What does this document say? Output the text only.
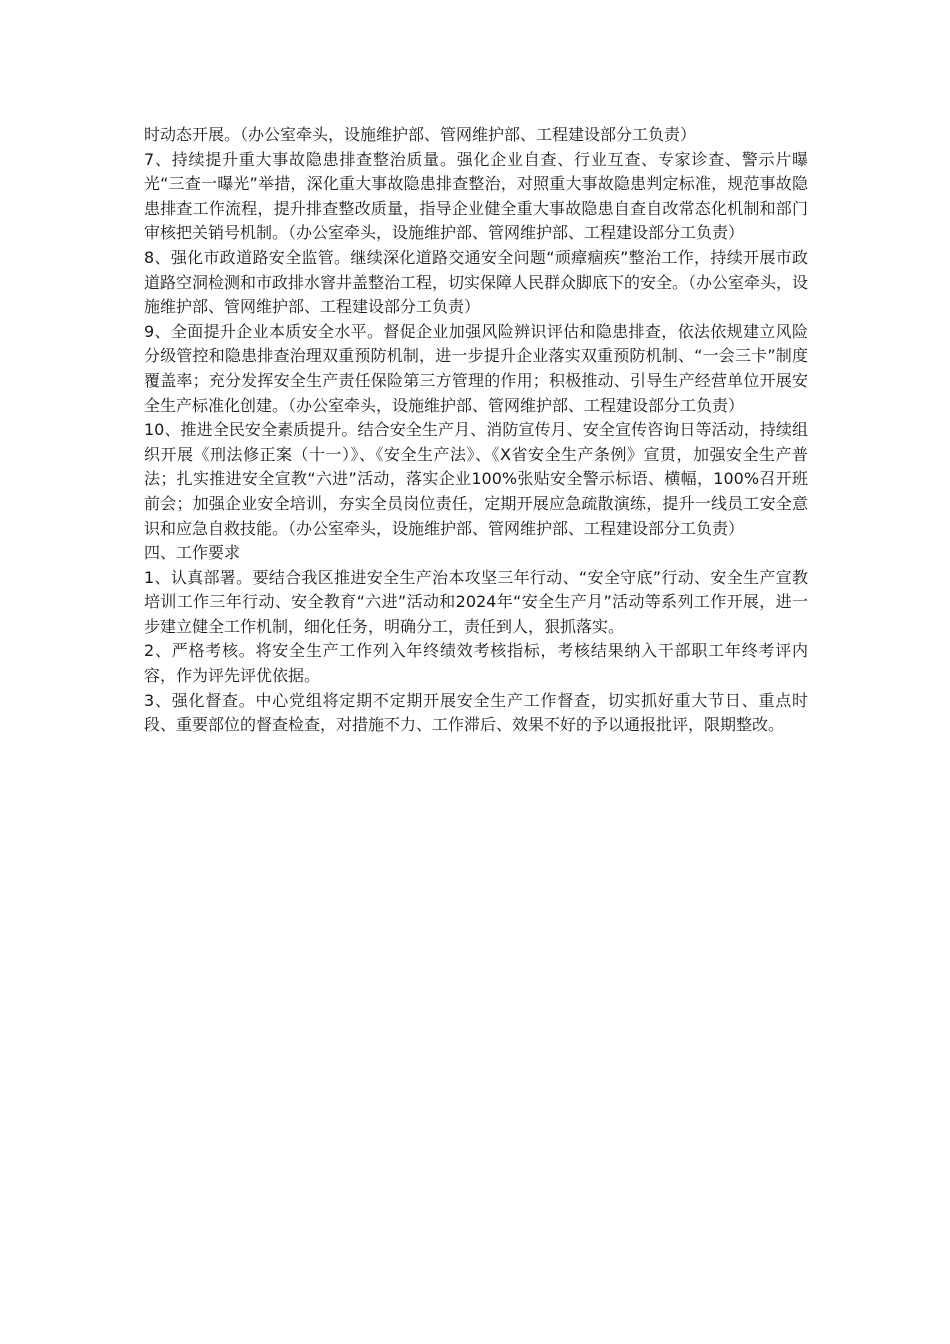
时动态开展。（办公室牵头，设施维护部、管网维护部、工程建设部分工负责）

7、持续提升重大事故隐患排查整治质量。强化企业自查、行业互查、专家诊查、警示片曝光“三查一曝光”举措，深化重大事故隐患排查整治，对照重大事故隐患判定标准，规范事故隐患排查工作流程，提升排查整改质量，指导企业健全重大事故隐患自查自改常态化机制和部门审核把关销号机制。（办公室牵头，设施维护部、管网维护部、工程建设部分工负责）

8、强化市政道路安全监管。继续深化道路交通安全问题“顽瘴痼疾”整治工作，持续开展市政道路空洞检测和市政排水窨井盖整治工程，切实保障人民群众脚底下的安全。（办公室牵头，设施维护部、管网维护部、工程建设部分工负责）

9、全面提升企业本质安全水平。督促企业加强风险辨识评估和隐患排查，依法依规建立风险分级管控和隐患排查治理双重预防机制，进一步提升企业落实双重预防机制、“一会三卡”制度覆盖率；充分发挥安全生产责任保险第三方管理的作用；积极推动、引导生产经营单位开展安全生产标准化创建。（办公室牵头，设施维护部、管网维护部、工程建设部分工负责）

10、推进全民安全素质提升。结合安全生产月、消防宣传月、安全宣传咨询日等活动，持续组织开展《刑法修正案（十一）》、《安全生产法》、《X省安全生产条例》宣贯，加强安全生产普法；扎实推进安全宣教“六进”活动，落实企业100%张贴安全警示标语、横幅，100%召开班前会；加强企业安全培训，夯实全员岗位责任，定期开展应急疏散演练，提升一线员工安全意识和应急自救技能。（办公室牵头，设施维护部、管网维护部、工程建设部分工负责）

四、工作要求

1、认真部署。要结合我区推进安全生产治本攻坚三年行动、“安全守底”行动、安全生产宣教培训工作三年行动、安全教育“六进”活动和2024年“安全生产月”活动等系列工作开展，进一步建立健全工作机制，细化任务，明确分工，责任到人，狠抓落实。

2、严格考核。将安全生产工作列入年终绩效考核指标，考核结果纳入干部职工年终考评内容，作为评先评优依据。

3、强化督查。中心党组将定期不定期开展安全生产工作督查，切实抓好重大节日、重点时段、重要部位的督查检查，对措施不力、工作滞后、效果不好的予以通报批评，限期整改。
